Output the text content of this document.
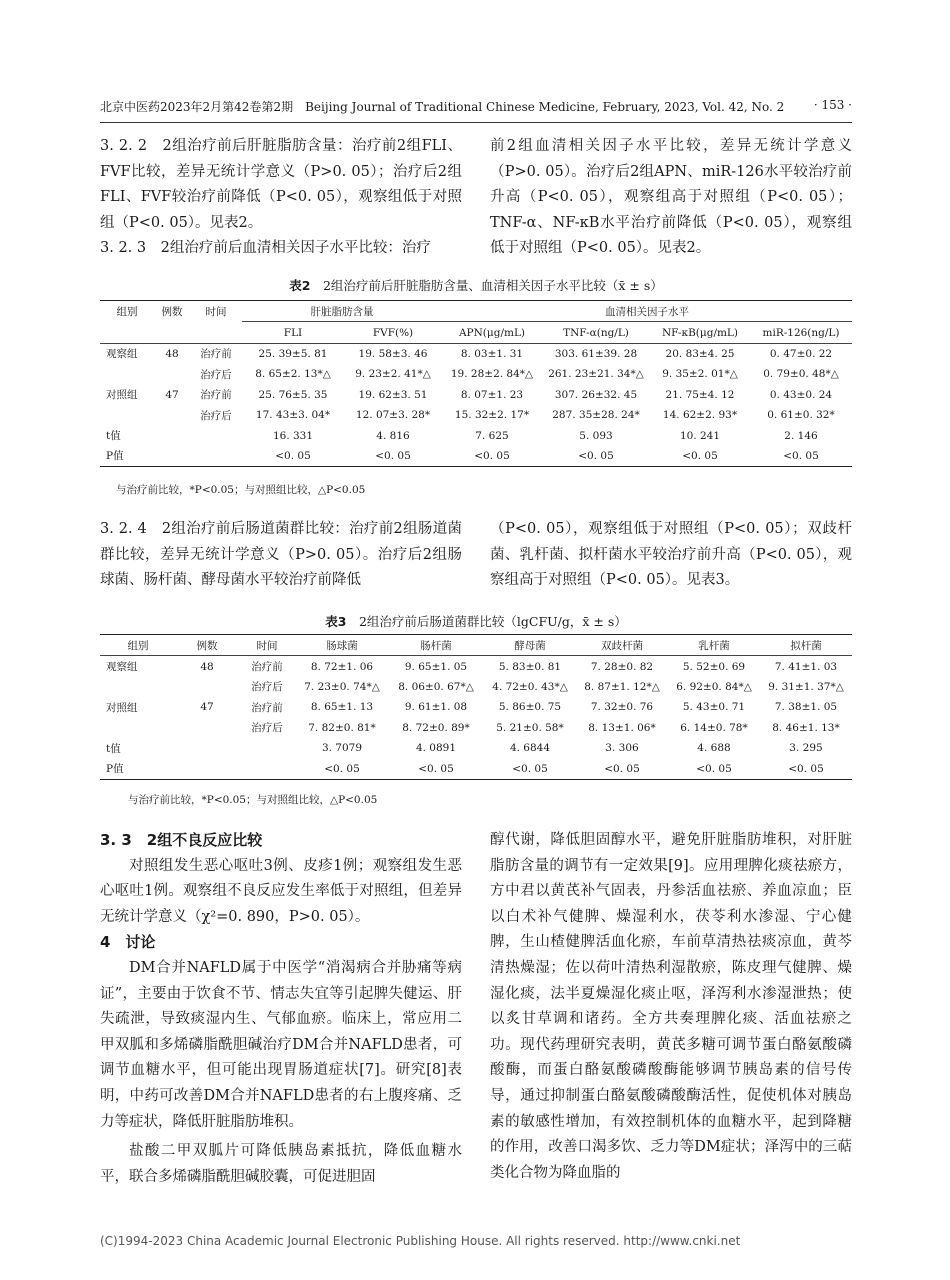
北京中医药2023年2月第42卷第2期　 Beijing Journal of Traditional Chinese Medicine, February, 2023, Vol. 42, No. 2 · 153 ·

3. 2. 2　2组治疗前后肝脏脂肪含量：治疗前2组FLI、FVF比较，差异无统计学意义（P>0. 05）；治疗后2组FLI、FVF较治疗前降低（P<0. 05），观察组低于对照组（P<0. 05）。见表2。

3. 2. 3　2组治疗前后血清相关因子水平比较：治疗

前2组血清相关因子水平比较，差异无统计学意义（P>0. 05）。治疗后2组APN、miR-126水平较治疗前升高（P<0. 05），观察组高于对照组（P<0. 05）；TNF-α、NF-κB水平治疗前降低（P<0. 05），观察组低于对照组（P<0. 05）。见表2。

表2　 2组治疗前后肝脏脂肪含量、血清相关因子水平比较（x̄ ± s）
组别	例数	时间	肝脏脂肪含量		血清相关因子水平			
			FLI	FVF(%)	APN(μg/mL)	TNF-α(ng/L)	NF-κB(μg/mL)	miR-126(ng/L)
观察组	48	治疗前	25. 39±5. 81	19. 58±3. 46	8. 03±1. 31	303. 61±39. 28	20. 83±4. 25	0. 47±0. 22
		治疗后	8. 65±2. 13*△	9. 23±2. 41*△	19. 28±2. 84*△	261. 23±21. 34*△	9. 35±2. 01*△	0. 79±0. 48*△
对照组	47	治疗前	25. 76±5. 35	19. 62±3. 51	8. 07±1. 23	307. 26±32. 45	21. 75±4. 12	0. 43±0. 24
		治疗后	17. 43±3. 04*	12. 07±3. 28*	15. 32±2. 17*	287. 35±28. 24*	14. 62±2. 93*	0. 61±0. 32*
t值			16. 331	4. 816	7. 625	5. 093	10. 241	2. 146
P值			<0. 05	<0. 05	<0. 05	<0. 05	<0. 05	<0. 05
与治疗前比较，*P<0.05；与对照组比较，△P<0.05

3. 2. 4　2组治疗前后肠道菌群比较：治疗前2组肠道菌群比较，差异无统计学意义（P>0. 05）。治疗后2组肠球菌、肠杆菌、酵母菌水平较治疗前降低

（P<0. 05），观察组低于对照组（P<0. 05）；双歧杆菌、乳杆菌、拟杆菌水平较治疗前升高（P<0. 05），观察组高于对照组（P<0. 05）。见表3。

表3　 2组治疗前后肠道菌群比较（lgCFU/g，x̄ ± s）
组别	例数	时间	肠球菌	肠杆菌	酵母菌	双歧杆菌	乳杆菌	拟杆菌
观察组	48	治疗前	8. 72±1. 06	9. 65±1. 05	5. 83±0. 81	7. 28±0. 82	5. 52±0. 69	7. 41±1. 03
		治疗后	7. 23±0. 74*△	8. 06±0. 67*△	4. 72±0. 43*△	8. 87±1. 12*△	6. 92±0. 84*△	9. 31±1. 37*△
对照组	47	治疗前	8. 65±1. 13	9. 61±1. 08	5. 86±0. 75	7. 32±0. 76	5. 43±0. 71	7. 38±1. 05
		治疗后	7. 82±0. 81*	8. 72±0. 89*	5. 21±0. 58*	8. 13±1. 06*	6. 14±0. 78*	8. 46±1. 13*
t值			3. 7079	4. 0891	4. 6844	3. 306	4. 688	3. 295
P值			<0. 05	<0. 05	<0. 05	<0. 05	<0. 05	<0. 05
与治疗前比较，*P<0.05；与对照组比较，△P<0.05

3. 3　2组不良反应比较

对照组发生恶心呕吐3例、皮疹1例；观察组发生恶心呕吐1例。观察组不良反应发生率低于对照组，但差异无统计学意义（χ²=0. 890，P>0. 05）。

4　讨论

DM合并NAFLD属于中医学“消渴病合并胁痛等病证”，主要由于饮食不节、情志失宜等引起脾失健运、肝失疏泄，导致痰湿内生、气郁血瘀。临床上，常应用二甲双胍和多烯磷脂酰胆碱治疗DM合并NAFLD患者，可调节血糖水平，但可能出现胃肠道症状[7]。研究[8]表明，中药可改善DM合并NAFLD患者的右上腹疼痛、乏力等症状，降低肝脏脂肪堆积。

盐酸二甲双胍片可降低胰岛素抵抗，降低血糖水平，联合多烯磷脂酰胆碱胶囊，可促进胆固

醇代谢，降低胆固醇水平，避免肝脏脂肪堆积，对肝脏脂肪含量的调节有一定效果[9]。应用理脾化痰祛瘀方，方中君以黄芪补气固表，丹参活血祛瘀、养血凉血；臣以白术补气健脾、燥湿利水，茯苓利水渗湿、宁心健脾，生山楂健脾活血化瘀，车前草清热祛痰凉血，黄芩清热燥湿；佐以荷叶清热利湿散瘀，陈皮理气健脾、燥湿化痰，法半夏燥湿化痰止呕，泽泻利水渗湿泄热；使以炙甘草调和诸药。全方共奏理脾化痰、活血祛瘀之功。现代药理研究表明，黄芪多糖可调节蛋白酪氨酸磷酸酶，而蛋白酪氨酸磷酸酶能够调节胰岛素的信号传导，通过抑制蛋白酪氨酸磷酸酶活性，促使机体对胰岛素的敏感性增加，有效控制机体的血糖水平，起到降糖的作用，改善口渴多饮、乏力等DM症状；泽泻中的三萜类化合物为降血脂的

(C)1994-2023 China Academic Journal Electronic Publishing House. All rights reserved. http://www.cnki.net
